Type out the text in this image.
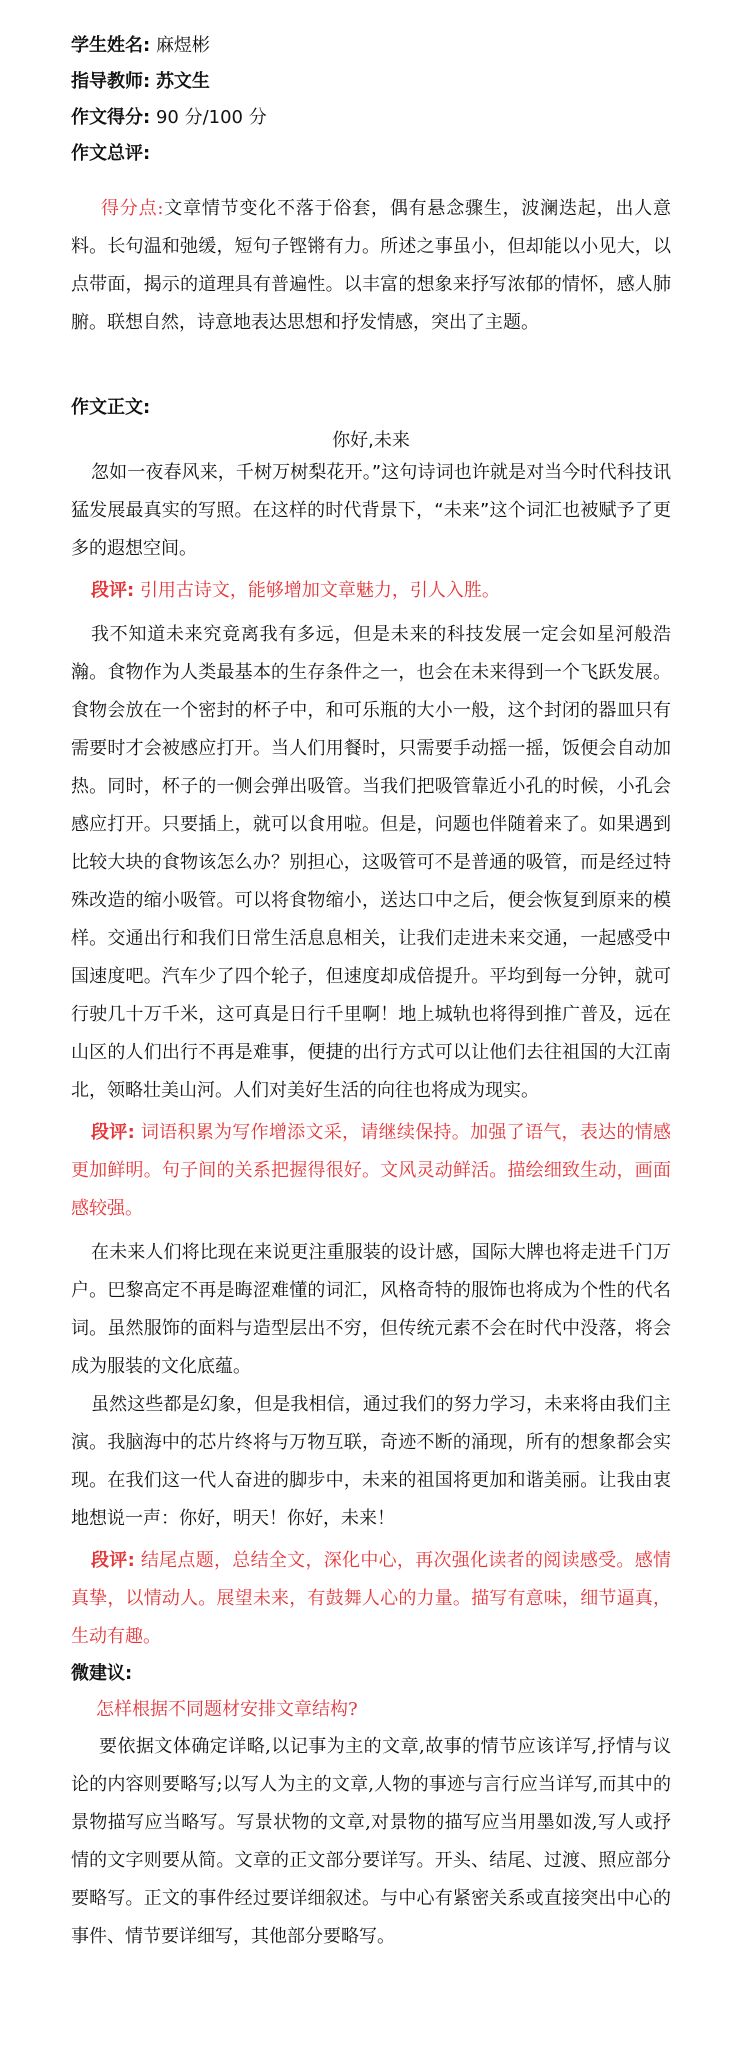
学生姓名: 麻煜彬

指导教师: 苏文生

作文得分: 90 分/100 分

作文总评:

得分点:文章情节变化不落于俗套，偶有悬念骤生，波澜迭起，出人意料。长句温和弛缓，短句子铿锵有力。所述之事虽小，但却能以小见大，以点带面，揭示的道理具有普遍性。以丰富的想象来抒写浓郁的情怀，感人肺腑。联想自然，诗意地表达思想和抒发情感，突出了主题。

作文正文:

你好,未来

忽如一夜春风来，千树万树梨花开。”这句诗词也许就是对当今时代科技讯猛发展最真实的写照。在这样的时代背景下，“未来”这个词汇也被赋予了更多的遐想空间。

段评: 引用古诗文，能够增加文章魅力，引人入胜。

我不知道未来究竟离我有多远，但是未来的科技发展一定会如星河般浩瀚。食物作为人类最基本的生存条件之一，也会在未来得到一个飞跃发展。食物会放在一个密封的杯子中，和可乐瓶的大小一般，这个封闭的器皿只有需要时才会被感应打开。当人们用餐时，只需要手动摇一摇，饭便会自动加热。同时，杯子的一侧会弹出吸管。当我们把吸管靠近小孔的时候，小孔会感应打开。只要插上，就可以食用啦。但是，问题也伴随着来了。如果遇到比较大块的食物该怎么办？别担心，这吸管可不是普通的吸管，而是经过特殊改造的缩小吸管。可以将食物缩小，送达口中之后，便会恢复到原来的模样。交通出行和我们日常生活息息相关，让我们走进未来交通，一起感受中国速度吧。汽车少了四个轮子，但速度却成倍提升。平均到每一分钟，就可行驶几十万千米，这可真是日行千里啊！地上城轨也将得到推广普及，远在山区的人们出行不再是难事，便捷的出行方式可以让他们去往祖国的大江南北，领略壮美山河。人们对美好生活的向往也将成为现实。

段评: 词语积累为写作增添文采，请继续保持。加强了语气，表达的情感更加鲜明。句子间的关系把握得很好。文风灵动鲜活。描绘细致生动，画面感较强。

在未来人们将比现在来说更注重服装的设计感，国际大牌也将走进千门万户。巴黎高定不再是晦涩难懂的词汇，风格奇特的服饰也将成为个性的代名词。虽然服饰的面料与造型层出不穷，但传统元素不会在时代中没落，将会成为服装的文化底蕴。

虽然这些都是幻象，但是我相信，通过我们的努力学习，未来将由我们主演。我脑海中的芯片终将与万物互联，奇迹不断的涌现，所有的想象都会实现。在我们这一代人奋进的脚步中，未来的祖国将更加和谐美丽。让我由衷地想说一声：你好，明天！你好，未来！

段评: 结尾点题，总结全文，深化中心，再次强化读者的阅读感受。感情真挚，以情动人。展望未来，有鼓舞人心的力量。描写有意味，细节逼真，生动有趣。

微建议:

怎样根据不同题材安排文章结构?

要依据文体确定详略,以记事为主的文章,故事的情节应该详写,抒情与议论的内容则要略写;以写人为主的文章,人物的事迹与言行应当详写,而其中的景物描写应当略写。写景状物的文章,对景物的描写应当用墨如泼,写人或抒情的文字则要从简。文章的正文部分要详写。开头、结尾、过渡、照应部分要略写。正文的事件经过要详细叙述。与中心有紧密关系或直接突出中心的事件、情节要详细写，其他部分要略写。
